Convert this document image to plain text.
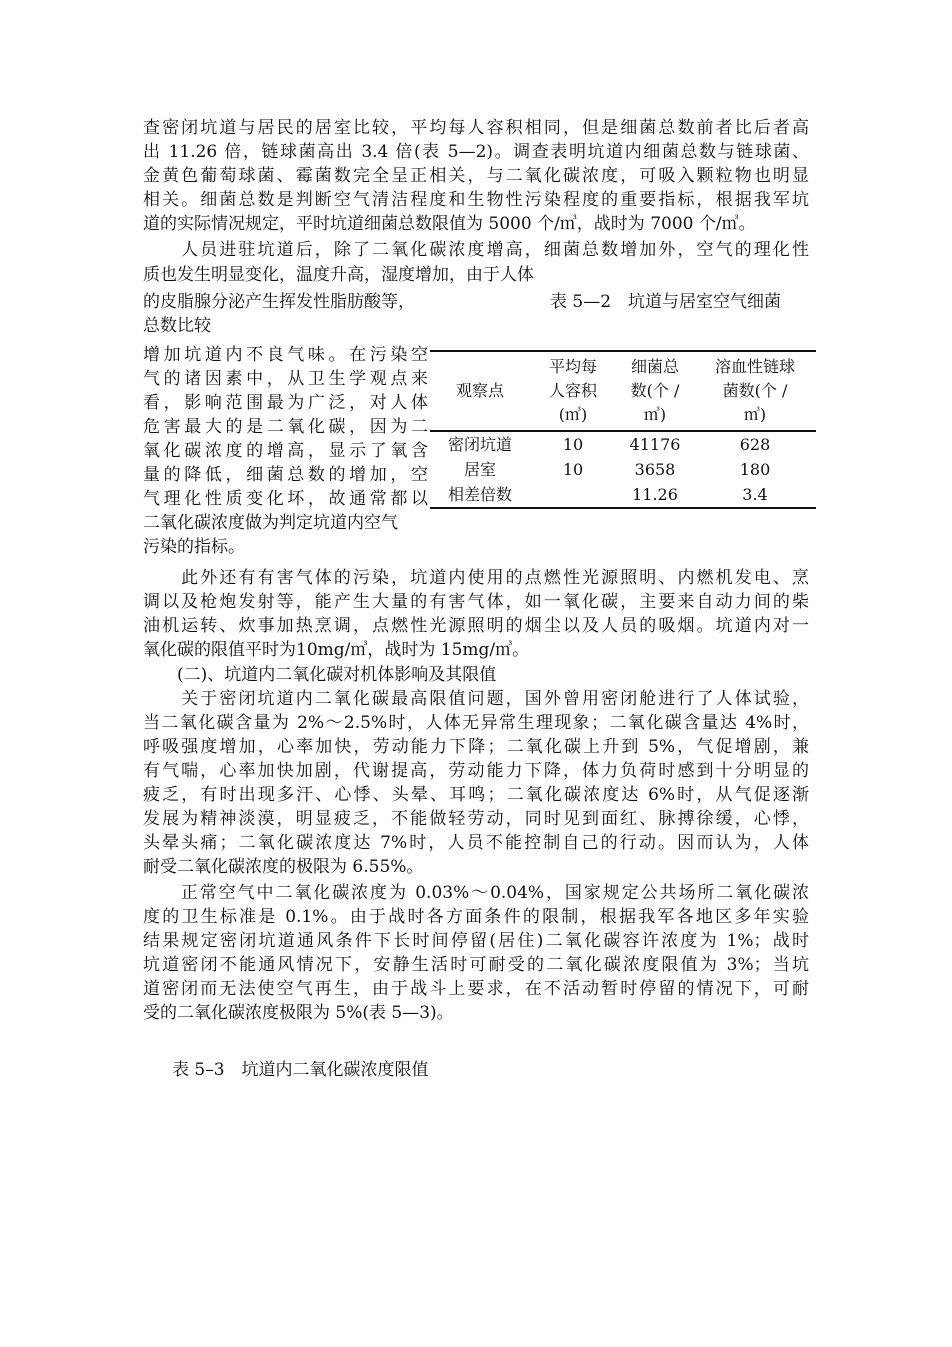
查密闭坑道与居民的居室比较，平均每人容积相同，但是细菌总数前者比后者高
出 11.26 倍，链球菌高出 3.4 倍(表 5—2)。调查表明坑道内细菌总数与链球菌、
金黄色葡萄球菌、霉菌数完全呈正相关，与二氧化碳浓度，可吸入颗粒物也明显
相关。细菌总数是判断空气清洁程度和生物性污染程度的重要指标，根据我军坑
道的实际情况规定，平时坑道细菌总数限值为 5000 个/㎥，战时为 7000 个/㎥。
　　人员进驻坑道后，除了二氧化碳浓度增高，细菌总数增加外，空气的理化性
质也发生明显变化，温度升高，湿度增加，由于人体
的皮脂腺分泌产生挥发性脂肪酸等，	表 5—2　坑道与居室空气细菌
总数比较
增加坑道内不良气味。在污染空
气的诸因素中，从卫生学观点来
看，影响范围最为广泛，对人体
危害最大的是二氧化碳，因为二
氧化碳浓度的增高，显示了氧含
量的降低，细菌总数的增加，空
气理化性质变化坏，故通常都以
二氧化碳浓度做为判定坑道内空气
污染的指标。
观察点	平均每
人容积
(㎥)	细菌总
数(个 /
㎥)	溶血性链球
菌数(个 /
㎥)

密闭坑道	10	41176	628
居室	10	3658	180
相差倍数		11.26	3.4
　　此外还有有害气体的污染，坑道内使用的点燃性光源照明、内燃机发电、烹
调以及枪炮发射等，能产生大量的有害气体，如一氧化碳，主要来自动力间的柴
油机运转、炊事加热烹调，点燃性光源照明的烟尘以及人员的吸烟。坑道内对一
氧化碳的限值平时为10mg/㎥，战时为 15mg/㎥。
　　(二)、坑道内二氧化碳对机体影响及其限值
　　关于密闭坑道内二氧化碳最高限值问题，国外曾用密闭舱进行了人体试验，
当二氧化碳含量为 2%～2.5%时，人体无异常生理现象；二氧化碳含量达 4%时，
呼吸强度增加，心率加快，劳动能力下降；二氧化碳上升到 5%，气促增剧，兼
有气喘，心率加快加剧，代谢提高，劳动能力下降，体力负荷时感到十分明显的
疲乏，有时出现多汗、心悸、头晕、耳鸣；二氧化碳浓度达 6%时，从气促逐渐
发展为精神淡漠，明显疲乏，不能做轻劳动，同时见到面红、脉搏徐缓，心悸，
头晕头痛；二氧化碳浓度达 7%时，人员不能控制自己的行动。因而认为，人体
耐受二氧化碳浓度的极限为 6.55%。
　　正常空气中二氧化碳浓度为 0.03%～0.04%，国家规定公共场所二氧化碳浓
度的卫生标准是 0.1%。由于战时各方面条件的限制，根据我军各地区多年实验
结果规定密闭坑道通风条件下长时间停留(居住)二氧化碳容许浓度为 1%；战时
坑道密闭不能通风情况下，安静生活时可耐受的二氧化碳浓度限值为 3%；当坑
道密闭而无法使空气再生，由于战斗上要求，在不活动暂时停留的情况下，可耐
受的二氧化碳浓度极限为 5%(表 5—3)。
表 5–3　坑道内二氧化碳浓度限值
